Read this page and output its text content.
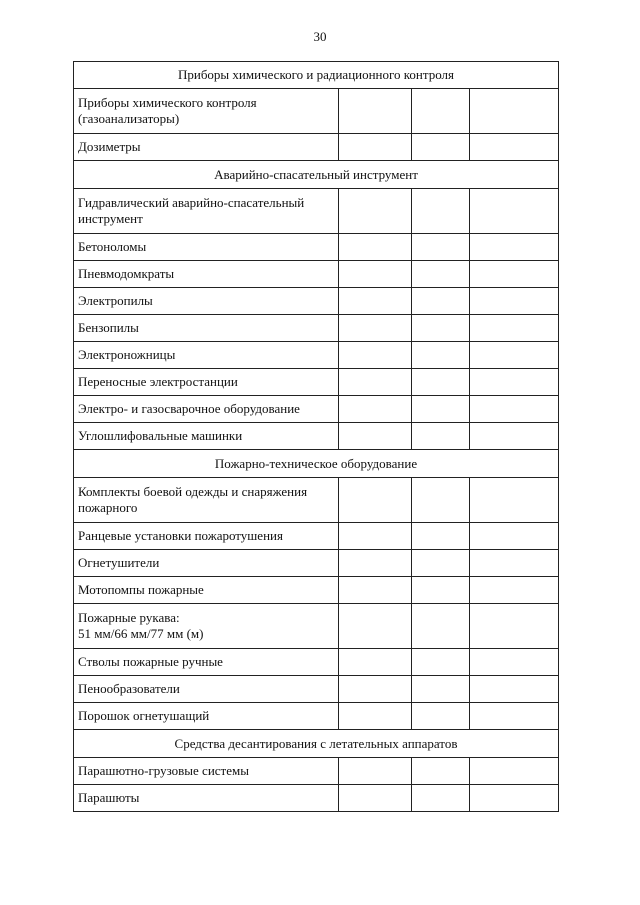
30
Приборы химического и радиационного контроля			

Приборы химического контроля
(газоанализаторы)			

Дозиметры			

Аварийно-спасательный инструмент			

Гидравлический аварийно-спасательный
инструмент			

Бетоноломы			

Пневмодомкраты			

Электропилы			

Бензопилы			

Электроножницы			

Переносные электростанции			

Электро- и газосварочное оборудование			

Углошлифовальные машинки			

Пожарно-техническое оборудование			

Комплекты боевой одежды и снаряжения
пожарного			

Ранцевые установки пожаротушения			

Огнетушители			

Мотопомпы пожарные			

Пожарные рукава:
51 мм/66 мм/77 мм (м)			

Стволы пожарные ручные			

Пенообразователи			

Порошок огнетушащий			

Средства десантирования с летательных аппаратов			

Парашютно-грузовые системы			

Парашюты			
